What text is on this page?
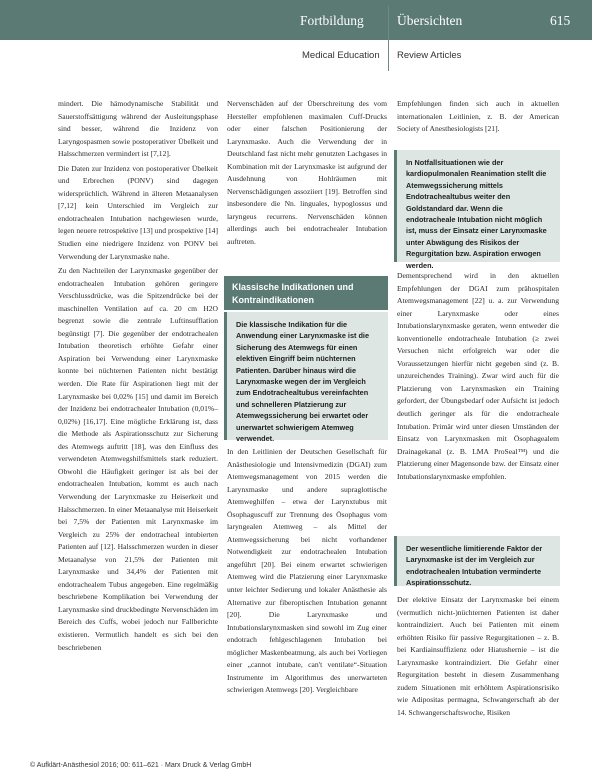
Fortbildung Übersichten	615
Medical Education Review Articles

mindert. Die hämodynamische Stabilität und Sauerstoffsättigung während der Ausleitungsphase sind besser, während die Inzidenz von Laryngospasmen sowie postoperativer Übelkeit und Halsschmerzen vermindert ist [7,12].

Die Daten zur Inzidenz von postoperativer Übelkeit und Erbrechen (PONV) sind dagegen widersprüchlich. Während in älteren Metaanalysen [7,12] kein Unterschied im Vergleich zur endotrachealen Intubation nachgewiesen wurde, legen neuere retrospektive [13] und prospektive [14] Studien eine niedrigere Inzidenz von PONV bei Verwendung der Larynxmaske nahe.

Zu den Nachteilen der Larynxmaske gegenüber der endotrachealen Intubation gehören geringere Verschlussdrücke, was die Spitzendrücke bei der maschinellen Ventilation auf ca. 20 cm H2O begrenzt sowie die zentrale Luftinsufflation begünstigt [7]. Die gegenüber der endotrachealen Intubation theoretisch erhöhte Gefahr einer Aspiration bei Verwendung einer Larynxmaske konnte bei nüchternen Patienten nicht bestätigt werden. Die Rate für Aspirationen liegt mit der Larynxmaske bei 0,02% [15] und damit im Bereich der Inzidenz bei endotrachealer Intubation (0,01%–0,02%) [16,17]. Eine mögliche Erklärung ist, dass die Methode als Aspirationsschutz zur Sicherung des Atemwegs auftritt [18], was den Einfluss des verwendeten Atemwegshilfsmittels stark reduziert. Obwohl die Häufigkeit geringer ist als bei der endotrachealen Intubation, kommt es auch nach Verwendung der Larynxmaske zu Heiserkeit und Halsschmerzen. In einer Metaanalyse mit Heiserkeit bei 7,5% der Patienten mit Larynxmaske im Vergleich zu 25% der endotracheal intubierten Patienten auf [12]. Halsschmerzen wurden in dieser Metaanalyse von 21,5% der Patienten mit Larynxmaske und 34,4% der Patienten mit endotrachealem Tubus angegeben. Eine regelmäßig beschriebene Komplikation bei Verwendung der Larynxmaske sind druckbedingte Nervenschäden im Bereich des Cuffs, wobei jedoch nur Fallberichte existieren. Vermutlich handelt es sich bei den beschriebenen

Nervenschäden auf der Überschreitung des vom Hersteller empfohlenen maximalen Cuff-Drucks oder einer falschen Positionierung der Larynxmaske. Auch die Verwendung der in Deutschland fast nicht mehr genutzten Lachgases in Kombination mit der Larynxmaske ist aufgrund der Ausdehnung von Hohlräumen mit Nervenschädigungen assoziiert [19]. Betroffen sind insbesondere die Nn. linguales, hypoglossus und laryngeus recurrens. Nervenschäden können allerdings auch bei endotrachealer Intubation auftreten.

Klassische Indikationen und Kontraindikationen
Die klassische Indikation für die Anwendung einer Larynxmaske ist die Sicherung des Atemwegs für einen elektiven Eingriff beim nüchternen Patienten. Darüber hinaus wird die Larynxmaske wegen der im Vergleich zum Endotrachealtubus vereinfachten und schnelleren Platzierung zur Atemwegssicherung bei erwartet oder unerwartet schwierigem Atemweg verwendet.

In den Leitlinien der Deutschen Gesellschaft für Anästhesiologie und Intensivmedizin (DGAI) zum Atemwegsmanagement von 2015 werden die Larynxmaske und andere supraglottische Atemweghilfen – etwa der Larynxtubus mit Ösophaguscuff zur Trennung des Ösophagus vom laryngealen Atemweg – als Mittel der Atemwegssicherung bei nicht vorhandener Notwendigkeit zur endotrachealen Intubation angeführt [20]. Bei einem erwartet schwierigen Atemweg wird die Platzierung einer Larynxmaske unter leichter Sedierung und lokaler Anästhesie als Alternative zur fiberoptischen Intubation genannt [20]. Die Larynxmaske und Intubationslarynxmasken sind sowohl im Zug einer endotrach fehlgeschlagenen Intubation bei möglicher Maskenbeatmung, als auch bei Vorliegen einer „cannot intubate, can't ventilate“-Situation Instrumente im Algorithmus des unerwarteten schwierigen Atemwegs [20]. Vergleichbare

Empfehlungen finden sich auch in aktuellen internationalen Leitlinien, z. B. der American Society of Anesthesiologists [21].

In Notfallsituationen wie der kardiopulmonalen Reanimation stellt die Atemwegssicherung mittels Endotrachealtubus weiter den Goldstandard dar. Wenn die endotracheale Intubation nicht möglich ist, muss der Einsatz einer Larynxmaske unter Abwägung des Risikos der Regurgitation bzw. Aspiration erwogen werden.

Dementsprechend wird in den aktuellen Empfehlungen der DGAI zum prähospitalen Atemwegsmanagement [22] u. a. zur Verwendung einer Larynxmaske oder eines Intubationslarynxmaske geraten, wenn entweder die konventionelle endotracheale Intubation (≥ zwei Versuchen nicht erfolgreich war oder die Voraussetzungen hierfür nicht gegeben sind (z. B. unzureichendes Training). Zwar wird auch für die Platzierung von Larynxmasken ein Training gefordert, der Übungsbedarf oder Aufsicht ist jedoch deutlich geringer als für die endotracheale Intubation. Primär wird unter diesen Umständen der Einsatz von Larynxmasken mit Ösophagealem Drainagekanal (z. B. LMA ProSeal™) und die Platzierung einer Magensonde bzw. der Einsatz einer Intubationslarynxmaske empfohlen.

Der wesentliche limitierende Faktor der Larynxmaske ist der im Vergleich zur endotrachealen Intubation verminderte Aspirationsschutz.

Der elektive Einsatz der Larynxmaske bei einem (vermutlich nicht-)nüchternen Patienten ist daher kontraindiziert. Auch bei Patienten mit einem erhöhten Risiko für passive Regurgitationen – z. B. bei Kardiainsuffizienz oder Hiatushernie – ist die Larynxmaske kontraindiziert. Die Gefahr einer Regurgitation besteht in diesem Zusammenhang zudem Situationen mit erhöhtem Aspirationsrisiko wie Adipositas permagna, Schwangerschaft ab der 14. Schwangerschaftswoche, Risiken

© Aufklärt-Anästhesiol 2016; 00: 611–621 · Marx Druck & Verlag GmbH
